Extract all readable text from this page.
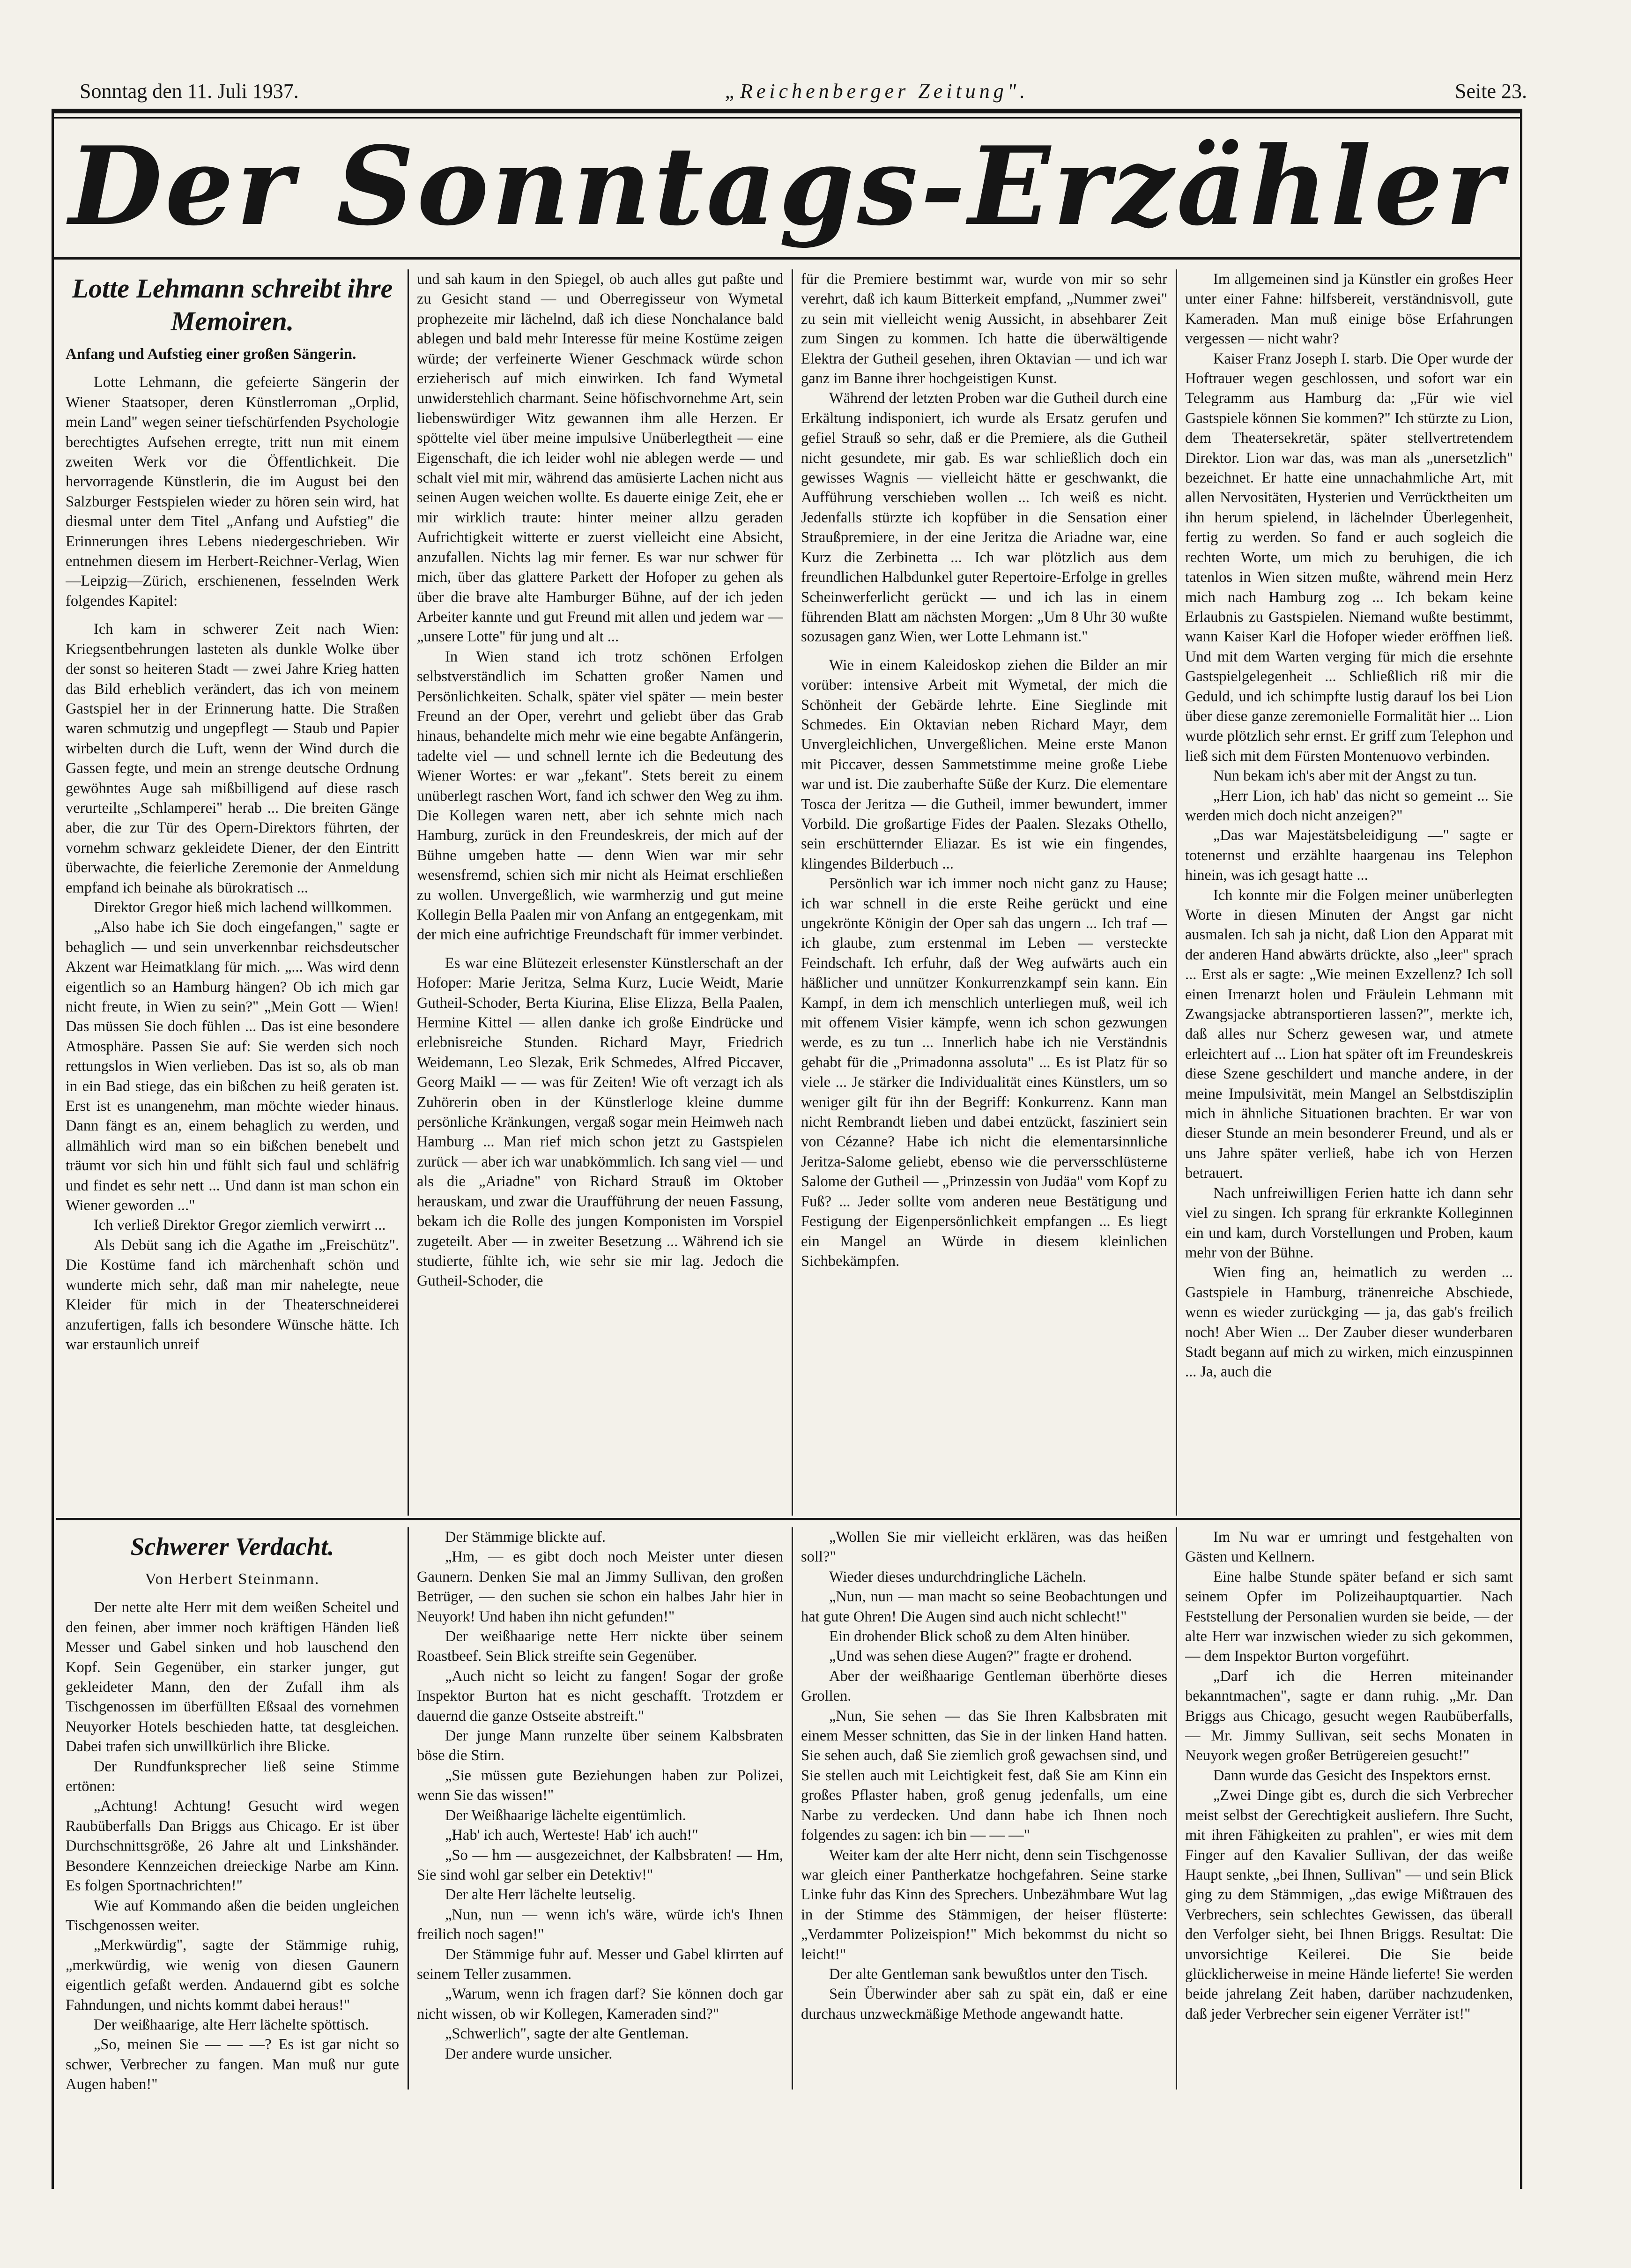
Sonntag den 11. Juli 1937.	„Reichenberger Zeitung".	Seite 23.
Der Sonntags-Erzähler
Lotte Lehmann schreibt ihre Memoiren.
Anfang und Aufstieg einer großen Sängerin.

Lotte Lehmann, die gefeierte Sängerin der Wiener Staatsoper, deren Künstlerroman „Orplid, mein Land" wegen seiner tiefschürfenden Psychologie berechtigtes Aufsehen erregte, tritt nun mit einem zweiten Werk vor die Öffentlichkeit. Die hervorragende Künstlerin, die im August bei den Salzburger Festspielen wieder zu hören sein wird, hat diesmal unter dem Titel „Anfang und Aufstieg" die Erinnerungen ihres Lebens niedergeschrieben. Wir entnehmen diesem im Herbert-Reichner-Verlag, Wien—Leipzig—Zürich, erschienenen, fesselnden Werk folgendes Kapitel:

Ich kam in schwerer Zeit nach Wien: Kriegsentbehrungen lasteten als dunkle Wolke über der sonst so heiteren Stadt — zwei Jahre Krieg hatten das Bild erheblich verändert, das ich von meinem Gastspiel her in der Erinnerung hatte. Die Straßen waren schmutzig und ungepflegt — Staub und Papier wirbelten durch die Luft, wenn der Wind durch die Gassen fegte, und mein an strenge deutsche Ordnung gewöhntes Auge sah mißbilligend auf diese rasch verurteilte „Schlamperei" herab ... Die breiten Gänge aber, die zur Tür des Opern-Direktors führten, der vornehm schwarz gekleidete Diener, der den Eintritt überwachte, die feierliche Zeremonie der Anmeldung empfand ich beinahe als bürokratisch ...

Direktor Gregor hieß mich lachend willkommen.

„Also habe ich Sie doch eingefangen," sagte er behaglich — und sein unverkennbar reichsdeutscher Akzent war Heimatklang für mich. „... Was wird denn eigentlich so an Hamburg hängen? Ob ich mich gar nicht freute, in Wien zu sein?" „Mein Gott — Wien! Das müssen Sie doch fühlen ... Das ist eine besondere Atmosphäre. Passen Sie auf: Sie werden sich noch rettungslos in Wien verlieben. Das ist so, als ob man in ein Bad stiege, das ein bißchen zu heiß geraten ist. Erst ist es unangenehm, man möchte wieder hinaus. Dann fängt es an, einem behaglich zu werden, und allmählich wird man so ein bißchen benebelt und träumt vor sich hin und fühlt sich faul und schläfrig und findet es sehr nett ... Und dann ist man schon ein Wiener geworden ..."

Ich verließ Direktor Gregor ziemlich verwirrt ...

Als Debüt sang ich die Agathe im „Freischütz". Die Kostüme fand ich märchenhaft schön und wunderte mich sehr, daß man mir nahelegte, neue Kleider für mich in der Theaterschneiderei anzufertigen, falls ich besondere Wünsche hätte. Ich war erstaunlich unreif

und sah kaum in den Spiegel, ob auch alles gut paßte und zu Gesicht stand — und Oberregisseur von Wymetal prophezeite mir lächelnd, daß ich diese Nonchalance bald ablegen und bald mehr Interesse für meine Kostüme zeigen würde; der verfeinerte Wiener Geschmack würde schon erzieherisch auf mich einwirken. Ich fand Wymetal unwiderstehlich charmant. Seine höfischvornehme Art, sein liebenswürdiger Witz gewannen ihm alle Herzen. Er spöttelte viel über meine impulsive Unüberlegtheit — eine Eigenschaft, die ich leider wohl nie ablegen werde — und schalt viel mit mir, während das amüsierte Lachen nicht aus seinen Augen weichen wollte. Es dauerte einige Zeit, ehe er mir wirklich traute: hinter meiner allzu geraden Aufrichtigkeit witterte er zuerst vielleicht eine Absicht, anzufallen. Nichts lag mir ferner. Es war nur schwer für mich, über das glattere Parkett der Hofoper zu gehen als über die brave alte Hamburger Bühne, auf der ich jeden Arbeiter kannte und gut Freund mit allen und jedem war — „unsere Lotte" für jung und alt ...

In Wien stand ich trotz schönen Erfolgen selbstverständlich im Schatten großer Namen und Persönlichkeiten. Schalk, später viel später — mein bester Freund an der Oper, verehrt und geliebt über das Grab hinaus, behandelte mich mehr wie eine begabte Anfängerin, tadelte viel — und schnell lernte ich die Bedeutung des Wiener Wortes: er war „fekant". Stets bereit zu einem unüberlegt raschen Wort, fand ich schwer den Weg zu ihm. Die Kollegen waren nett, aber ich sehnte mich nach Hamburg, zurück in den Freundeskreis, der mich auf der Bühne umgeben hatte — denn Wien war mir sehr wesensfremd, schien sich mir nicht als Heimat erschließen zu wollen. Unvergeßlich, wie warmherzig und gut meine Kollegin Bella Paalen mir von Anfang an entgegenkam, mit der mich eine aufrichtige Freundschaft für immer verbindet.

Es war eine Blütezeit erlesenster Künstlerschaft an der Hofoper: Marie Jeritza, Selma Kurz, Lucie Weidt, Marie Gutheil-Schoder, Berta Kiurina, Elise Elizza, Bella Paalen, Hermine Kittel — allen danke ich große Eindrücke und erlebnisreiche Stunden. Richard Mayr, Friedrich Weidemann, Leo Slezak, Erik Schmedes, Alfred Piccaver, Georg Maikl — — was für Zeiten! Wie oft verzagt ich als Zuhörerin oben in der Künstlerloge kleine dumme persönliche Kränkungen, vergaß sogar mein Heimweh nach Hamburg ... Man rief mich schon jetzt zu Gastspielen zurück — aber ich war unabkömmlich. Ich sang viel — und als die „Ariadne" von Richard Strauß im Oktober herauskam, und zwar die Uraufführung der neuen Fassung, bekam ich die Rolle des jungen Komponisten im Vorspiel zugeteilt. Aber — in zweiter Besetzung ... Während ich sie studierte, fühlte ich, wie sehr sie mir lag. Jedoch die Gutheil-Schoder, die

für die Premiere bestimmt war, wurde von mir so sehr verehrt, daß ich kaum Bitterkeit empfand, „Nummer zwei" zu sein mit vielleicht wenig Aussicht, in absehbarer Zeit zum Singen zu kommen. Ich hatte die überwältigende Elektra der Gutheil gesehen, ihren Oktavian — und ich war ganz im Banne ihrer hochgeistigen Kunst.

Während der letzten Proben war die Gutheil durch eine Erkältung indisponiert, ich wurde als Ersatz gerufen und gefiel Strauß so sehr, daß er die Premiere, als die Gutheil nicht gesundete, mir gab. Es war schließlich doch ein gewisses Wagnis — vielleicht hätte er geschwankt, die Aufführung verschieben wollen ... Ich weiß es nicht. Jedenfalls stürzte ich kopfüber in die Sensation einer Straußpremiere, in der eine Jeritza die Ariadne war, eine Kurz die Zerbinetta ... Ich war plötzlich aus dem freundlichen Halbdunkel guter Repertoire-Erfolge in grelles Scheinwerferlicht gerückt — und ich las in einem führenden Blatt am nächsten Morgen: „Um 8 Uhr 30 wußte sozusagen ganz Wien, wer Lotte Lehmann ist."

Wie in einem Kaleidoskop ziehen die Bilder an mir vorüber: intensive Arbeit mit Wymetal, der mich die Schönheit der Gebärde lehrte. Eine Sieglinde mit Schmedes. Ein Oktavian neben Richard Mayr, dem Unvergleichlichen, Unvergeßlichen. Meine erste Manon mit Piccaver, dessen Sammetstimme meine große Liebe war und ist. Die zauberhafte Süße der Kurz. Die elementare Tosca der Jeritza — die Gutheil, immer bewundert, immer Vorbild. Die großartige Fides der Paalen. Slezaks Othello, sein erschütternder Eliazar. Es ist wie ein fingendes, klingendes Bilderbuch ...

Persönlich war ich immer noch nicht ganz zu Hause; ich war schnell in die erste Reihe gerückt und eine ungekrönte Königin der Oper sah das ungern ... Ich traf — ich glaube, zum erstenmal im Leben — versteckte Feindschaft. Ich erfuhr, daß der Weg aufwärts auch ein häßlicher und unnützer Konkurrenzkampf sein kann. Ein Kampf, in dem ich menschlich unterliegen muß, weil ich mit offenem Visier kämpfe, wenn ich schon gezwungen werde, es zu tun ... Innerlich habe ich nie Verständnis gehabt für die „Primadonna assoluta" ... Es ist Platz für so viele ... Je stärker die Individualität eines Künstlers, um so weniger gilt für ihn der Begriff: Konkurrenz. Kann man nicht Rembrandt lieben und dabei entzückt, fasziniert sein von Cézanne? Habe ich nicht die elementarsinnliche Jeritza-Salome geliebt, ebenso wie die perversschlüsterne Salome der Gutheil — „Prinzessin von Judäa" vom Kopf zu Fuß? ... Jeder sollte vom anderen neue Bestätigung und Festigung der Eigenpersönlichkeit empfangen ... Es liegt ein Mangel an Würde in diesem kleinlichen Sichbekämpfen.

Im allgemeinen sind ja Künstler ein großes Heer unter einer Fahne: hilfsbereit, verständnisvoll, gute Kameraden. Man muß einige böse Erfahrungen vergessen — nicht wahr?

Kaiser Franz Joseph I. starb. Die Oper wurde der Hoftrauer wegen geschlossen, und sofort war ein Telegramm aus Hamburg da: „Für wie viel Gastspiele können Sie kommen?" Ich stürzte zu Lion, dem Theatersekretär, später stellvertretendem Direktor. Lion war das, was man als „unersetzlich" bezeichnet. Er hatte eine unnachahmliche Art, mit allen Nervositäten, Hysterien und Verrücktheiten um ihn herum spielend, in lächelnder Überlegenheit, fertig zu werden. So fand er auch sogleich die rechten Worte, um mich zu beruhigen, die ich tatenlos in Wien sitzen mußte, während mein Herz mich nach Hamburg zog ... Ich bekam keine Erlaubnis zu Gastspielen. Niemand wußte bestimmt, wann Kaiser Karl die Hofoper wieder eröffnen ließ. Und mit dem Warten verging für mich die ersehnte Gastspielgelegenheit ... Schließlich riß mir die Geduld, und ich schimpfte lustig darauf los bei Lion über diese ganze zeremonielle Formalität hier ... Lion wurde plötzlich sehr ernst. Er griff zum Telephon und ließ sich mit dem Fürsten Montenuovo verbinden.

Nun bekam ich's aber mit der Angst zu tun.

„Herr Lion, ich hab' das nicht so gemeint ... Sie werden mich doch nicht anzeigen?"

„Das war Majestätsbeleidigung —" sagte er totenernst und erzählte haargenau ins Telephon hinein, was ich gesagt hatte ...

Ich konnte mir die Folgen meiner unüberlegten Worte in diesen Minuten der Angst gar nicht ausmalen. Ich sah ja nicht, daß Lion den Apparat mit der anderen Hand abwärts drückte, also „leer" sprach ... Erst als er sagte: „Wie meinen Exzellenz? Ich soll einen Irrenarzt holen und Fräulein Lehmann mit Zwangsjacke abtransportieren lassen?", merkte ich, daß alles nur Scherz gewesen war, und atmete erleichtert auf ... Lion hat später oft im Freundeskreis diese Szene geschildert und manche andere, in der meine Impulsivität, mein Mangel an Selbstdisziplin mich in ähnliche Situationen brachten. Er war von dieser Stunde an mein besonderer Freund, und als er uns Jahre später verließ, habe ich von Herzen betrauert.

Nach unfreiwilligen Ferien hatte ich dann sehr viel zu singen. Ich sprang für erkrankte Kolleginnen ein und kam, durch Vorstellungen und Proben, kaum mehr von der Bühne.

Wien fing an, heimatlich zu werden ... Gastspiele in Hamburg, tränenreiche Abschiede, wenn es wieder zurückging — ja, das gab's freilich noch! Aber Wien ... Der Zauber dieser wunderbaren Stadt begann auf mich zu wirken, mich einzuspinnen ... Ja, auch die

Schwerer Verdacht.
Von Herbert Steinmann.

Der nette alte Herr mit dem weißen Scheitel und den feinen, aber immer noch kräftigen Händen ließ Messer und Gabel sinken und hob lauschend den Kopf. Sein Gegenüber, ein starker junger, gut gekleideter Mann, den der Zufall ihm als Tischgenossen im überfüllten Eßsaal des vornehmen Neuyorker Hotels beschieden hatte, tat desgleichen. Dabei trafen sich unwillkürlich ihre Blicke.

Der Rundfunksprecher ließ seine Stimme ertönen:

„Achtung! Achtung! Gesucht wird wegen Raubüberfalls Dan Briggs aus Chicago. Er ist über Durchschnittsgröße, 26 Jahre alt und Linkshänder. Besondere Kennzeichen dreieckige Narbe am Kinn. Es folgen Sportnachrichten!"

Wie auf Kommando aßen die beiden ungleichen Tischgenossen weiter.

„Merkwürdig", sagte der Stämmige ruhig, „merkwürdig, wie wenig von diesen Gaunern eigentlich gefaßt werden. Andauernd gibt es solche Fahndungen, und nichts kommt dabei heraus!"

Der weißhaarige, alte Herr lächelte spöttisch.

„So, meinen Sie — — —? Es ist gar nicht so schwer, Verbrecher zu fangen. Man muß nur gute Augen haben!"

Der Stämmige blickte auf.

„Hm, — es gibt doch noch Meister unter diesen Gaunern. Denken Sie mal an Jimmy Sullivan, den großen Betrüger, — den suchen sie schon ein halbes Jahr hier in Neuyork! Und haben ihn nicht gefunden!"

Der weißhaarige nette Herr nickte über seinem Roastbeef. Sein Blick streifte sein Gegenüber.

„Auch nicht so leicht zu fangen! Sogar der große Inspektor Burton hat es nicht geschafft. Trotzdem er dauernd die ganze Ostseite abstreift."

Der junge Mann runzelte über seinem Kalbsbraten böse die Stirn.

„Sie müssen gute Beziehungen haben zur Polizei, wenn Sie das wissen!"

Der Weißhaarige lächelte eigentümlich.

„Hab' ich auch, Werteste! Hab' ich auch!"

„So — hm — ausgezeichnet, der Kalbsbraten! — Hm, Sie sind wohl gar selber ein Detektiv!"

Der alte Herr lächelte leutselig.

„Nun, nun — wenn ich's wäre, würde ich's Ihnen freilich noch sagen!"

Der Stämmige fuhr auf. Messer und Gabel klirrten auf seinem Teller zusammen.

„Warum, wenn ich fragen darf? Sie können doch gar nicht wissen, ob wir Kollegen, Kameraden sind?"

„Schwerlich", sagte der alte Gentleman.

Der andere wurde unsicher.

„Wollen Sie mir vielleicht erklären, was das heißen soll?"

Wieder dieses undurchdringliche Lächeln.

„Nun, nun — man macht so seine Beobachtungen und hat gute Ohren! Die Augen sind auch nicht schlecht!"

Ein drohender Blick schoß zu dem Alten hinüber.

„Und was sehen diese Augen?" fragte er drohend.

Aber der weißhaarige Gentleman überhörte dieses Grollen.

„Nun, Sie sehen — das Sie Ihren Kalbsbraten mit einem Messer schnitten, das Sie in der linken Hand hatten. Sie sehen auch, daß Sie ziemlich groß gewachsen sind, und Sie stellen auch mit Leichtigkeit fest, daß Sie am Kinn ein großes Pflaster haben, groß genug jedenfalls, um eine Narbe zu verdecken. Und dann habe ich Ihnen noch folgendes zu sagen: ich bin — — —"

Weiter kam der alte Herr nicht, denn sein Tischgenosse war gleich einer Pantherkatze hochgefahren. Seine starke Linke fuhr das Kinn des Sprechers. Unbezähmbare Wut lag in der Stimme des Stämmigen, der heiser flüsterte: „Verdammter Polizeispion!" Mich bekommst du nicht so leicht!"

Der alte Gentleman sank bewußtlos unter den Tisch.

Sein Überwinder aber sah zu spät ein, daß er eine durchaus unzweckmäßige Methode angewandt hatte.

Im Nu war er umringt und festgehalten von Gästen und Kellnern.

Eine halbe Stunde später befand er sich samt seinem Opfer im Polizeihauptquartier. Nach Feststellung der Personalien wurden sie beide, — der alte Herr war inzwischen wieder zu sich gekommen, — dem Inspektor Burton vorgeführt.

„Darf ich die Herren miteinander bekanntmachen", sagte er dann ruhig. „Mr. Dan Briggs aus Chicago, gesucht wegen Raubüberfalls, — Mr. Jimmy Sullivan, seit sechs Monaten in Neuyork wegen großer Betrügereien gesucht!"

Dann wurde das Gesicht des Inspektors ernst.

„Zwei Dinge gibt es, durch die sich Verbrecher meist selbst der Gerechtigkeit ausliefern. Ihre Sucht, mit ihren Fähigkeiten zu prahlen", er wies mit dem Finger auf den Kavalier Sullivan, der das weiße Haupt senkte, „bei Ihnen, Sullivan" — und sein Blick ging zu dem Stämmigen, „das ewige Mißtrauen des Verbrechers, sein schlechtes Gewissen, das überall den Verfolger sieht, bei Ihnen Briggs. Resultat: Die unvorsichtige Keilerei. Die Sie beide glücklicherweise in meine Hände lieferte! Sie werden beide jahrelang Zeit haben, darüber nachzudenken, daß jeder Verbrecher sein eigener Verräter ist!"
